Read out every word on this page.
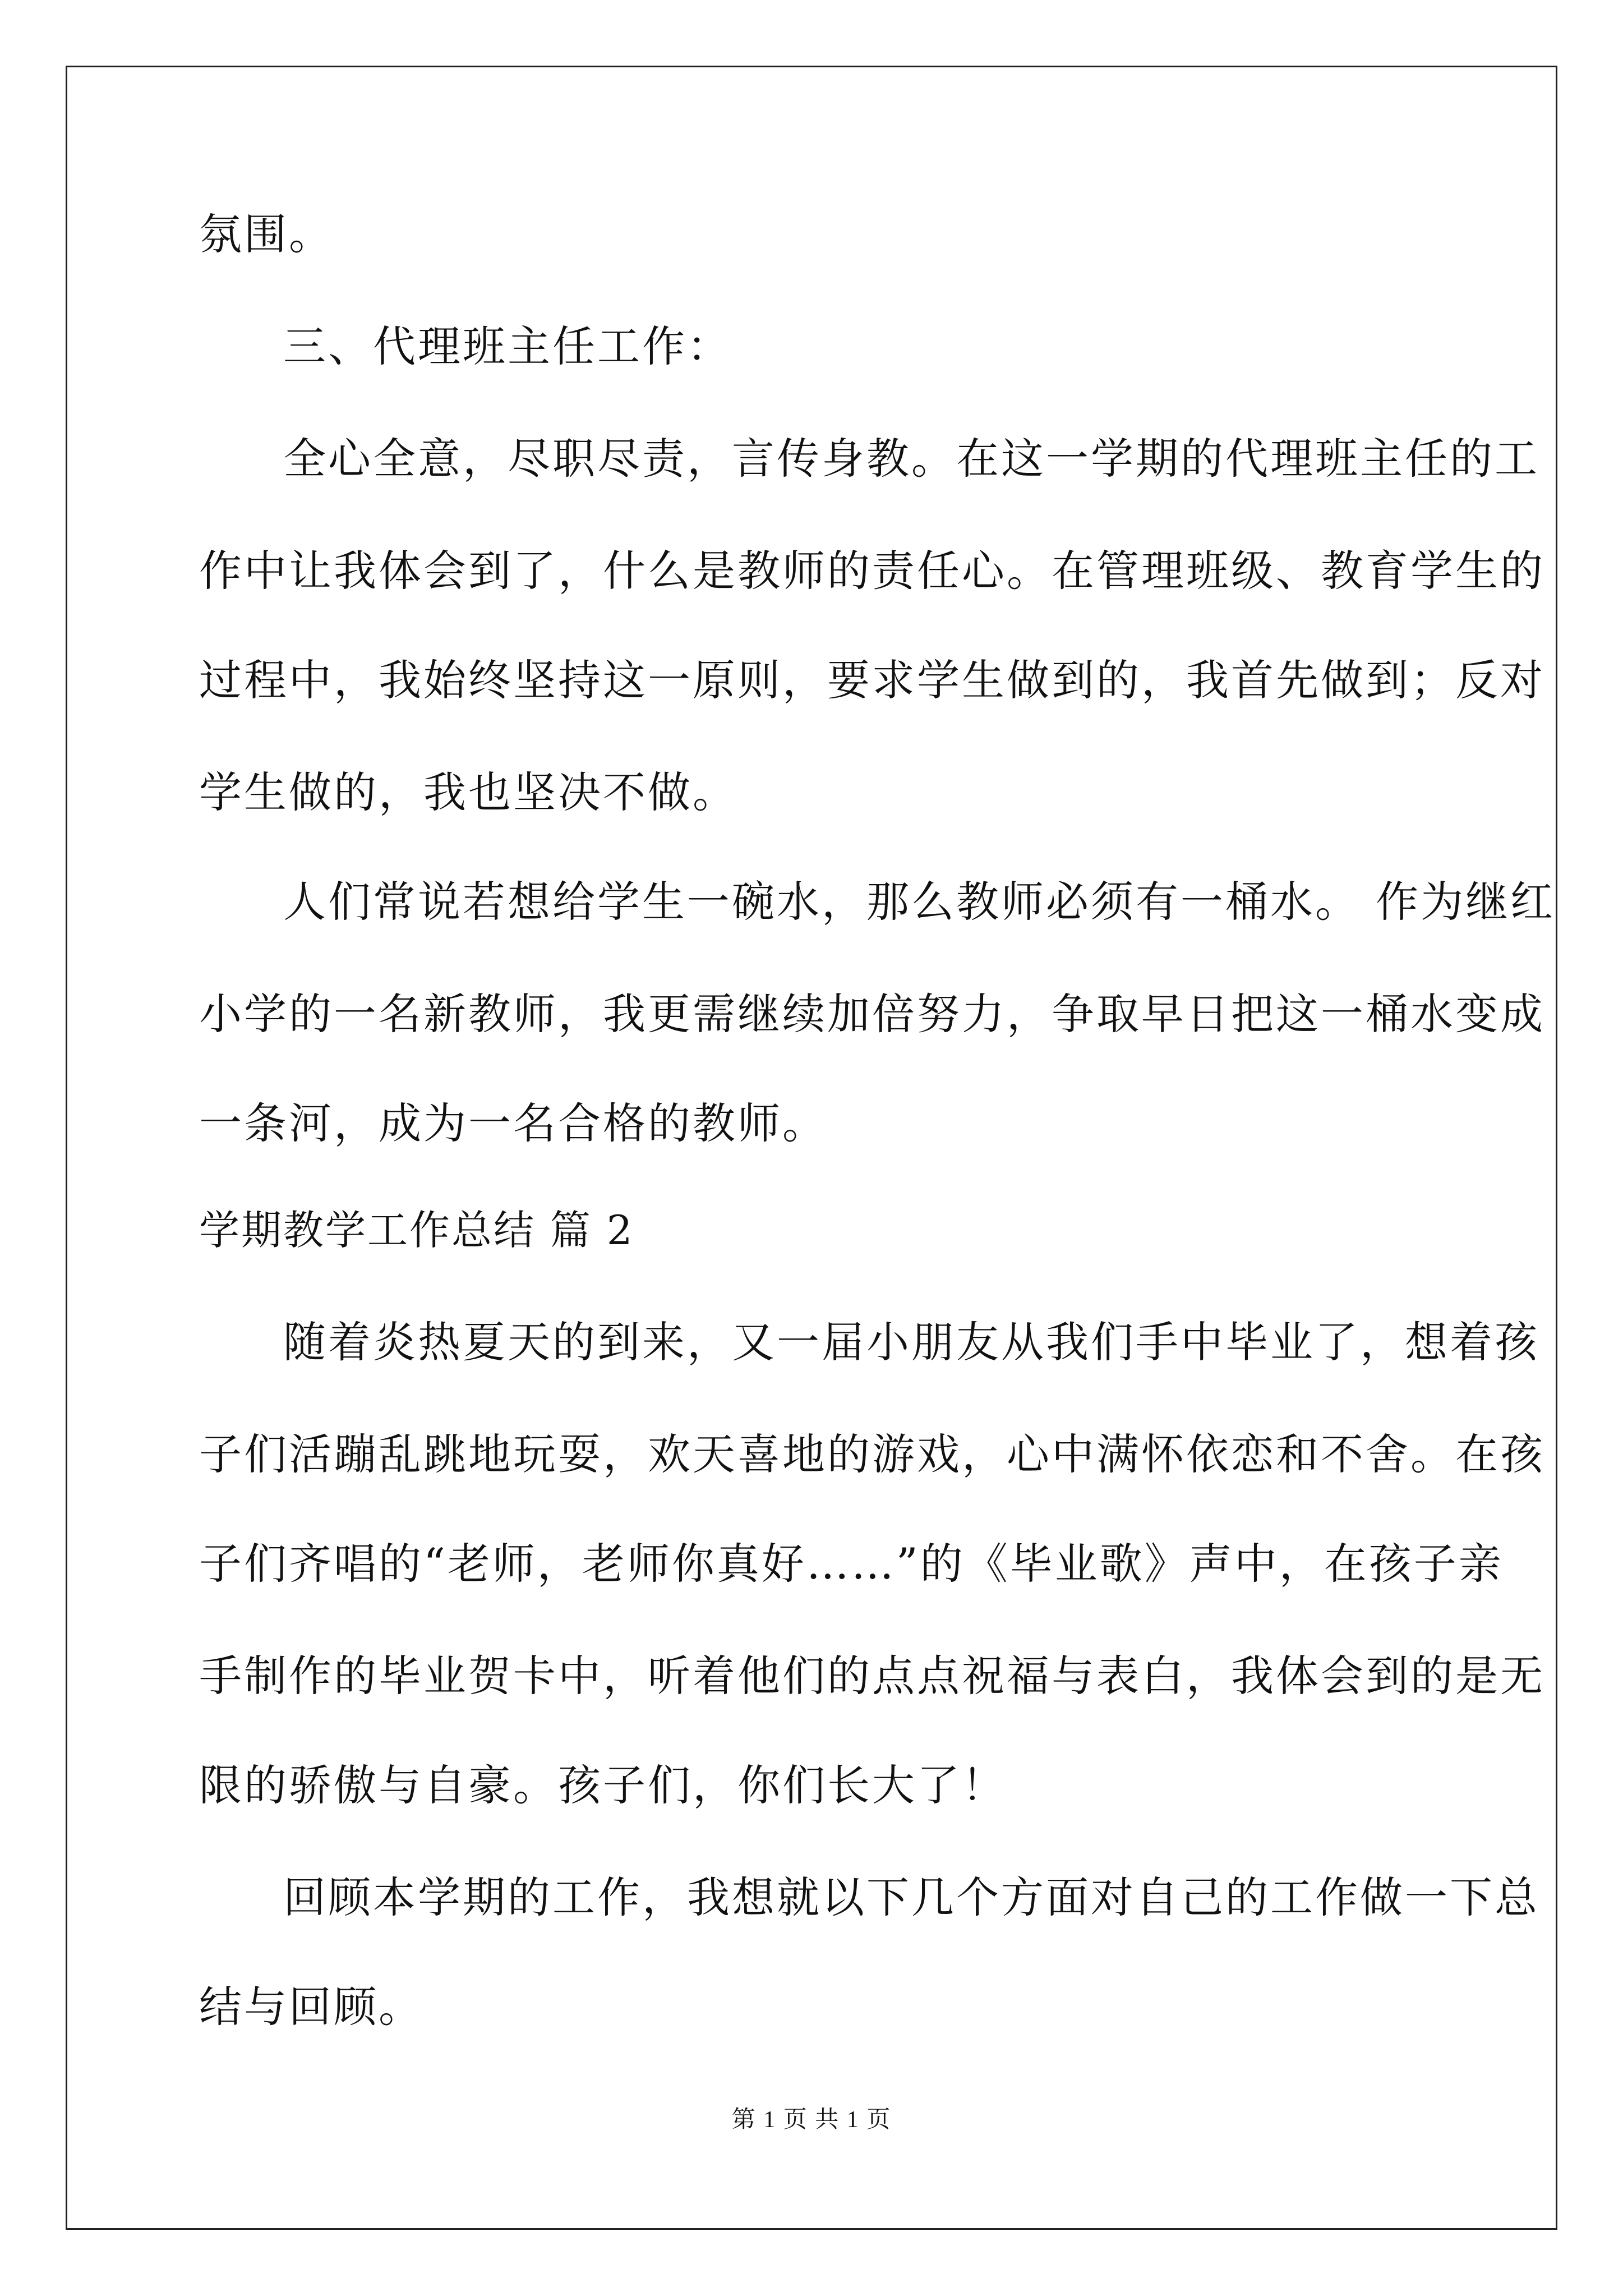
氛围。
三、代理班主任工作：
全心全意，尽职尽责，言传身教。在这一学期的代理班主任的工
作中让我体会到了，什么是教师的责任心。在管理班级、教育学生的
过程中，我始终坚持这一原则，要求学生做到的，我首先做到；反对
学生做的，我也坚决不做。
人们常说若想给学生一碗水，那么教师必须有一桶水。 作为继红
小学的一名新教师，我更需继续加倍努力，争取早日把这一桶水变成
一条河，成为一名合格的教师。
学期教学工作总结 篇 2
随着炎热夏天的到来，又一届小朋友从我们手中毕业了，想着孩
子们活蹦乱跳地玩耍，欢天喜地的游戏，心中满怀依恋和不舍。在孩
子们齐唱的“老师，老师你真好……”的《毕业歌》声中，在孩子亲
手制作的毕业贺卡中，听着他们的点点祝福与表白，我体会到的是无
限的骄傲与自豪。孩子们，你们长大了！
回顾本学期的工作，我想就以下几个方面对自己的工作做一下总
结与回顾。
第 1 页 共 1 页
